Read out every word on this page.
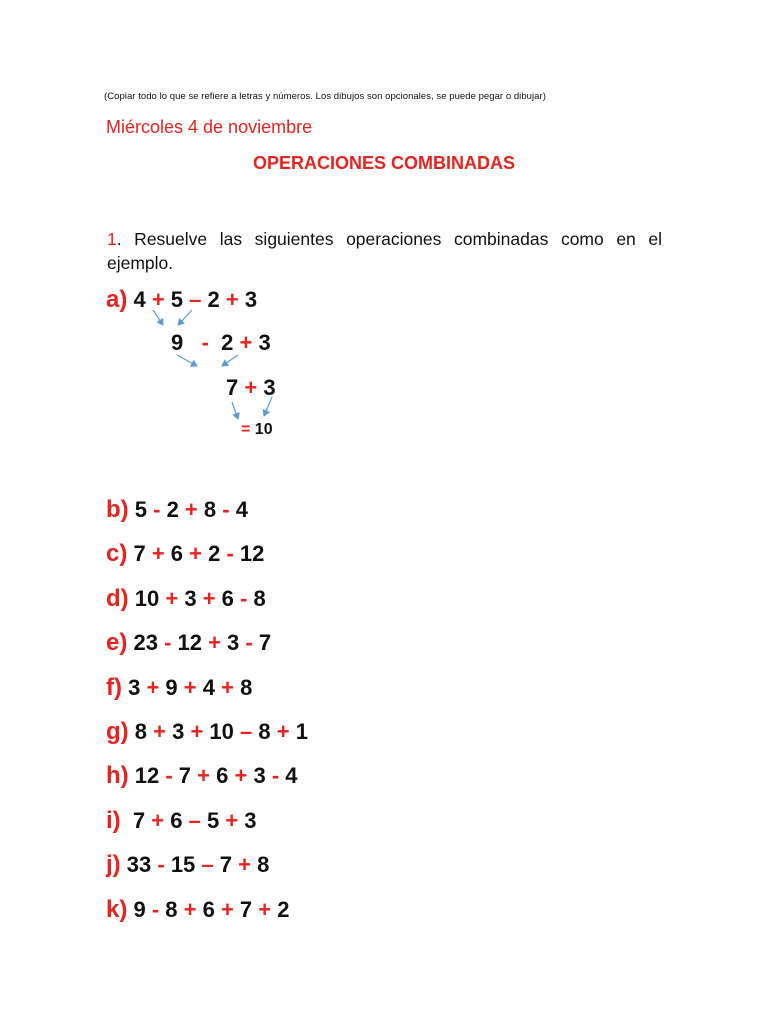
(Copiar todo lo que se refiere a letras y números. Los dibujos son opcionales, se puede pegar o dibujar)
Miércoles 4 de noviembre
OPERACIONES COMBINADAS
1. Resuelve las siguientes operaciones combinadas como en el ejemplo.
a) 4 + 5 – 2 + 3
9   -  2 + 3
7 + 3
= 10
b) 5 - 2 + 8 - 4
c) 7 + 6 + 2 - 12
d) 10 + 3 + 6 - 8
e) 23 - 12 + 3 - 7
f) 3 + 9 + 4 + 8
g) 8 + 3 + 10 – 8 + 1
h) 12 - 7 + 6 + 3 - 4
i)  7 + 6 – 5 + 3
j) 33 - 15 – 7 + 8
k) 9 - 8 + 6 + 7 + 2
